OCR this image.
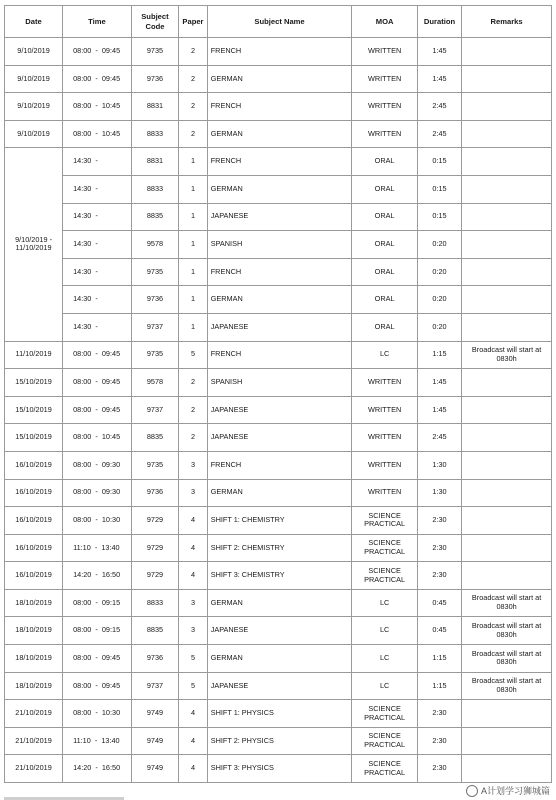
Date	Time	Subject Code	Paper	Subject Name	MOA	Duration	Remarks
9/10/2019	08:00  -  09:45	9735	2	FRENCH	WRITTEN	1:45	
9/10/2019	08:00  -  09:45	9736	2	GERMAN	WRITTEN	1:45	
9/10/2019	08:00  -  10:45	8831	2	FRENCH	WRITTEN	2:45	
9/10/2019	08:00  -  10:45	8833	2	GERMAN	WRITTEN	2:45	
9/10/2019 - 11/10/2019	14:30  -	8831	1	FRENCH	ORAL	0:15	
	14:30  -	8833	1	GERMAN	ORAL	0:15	
	14:30  -	8835	1	JAPANESE	ORAL	0:15	
	14:30  -	9578	1	SPANISH	ORAL	0:20	
	14:30  -	9735	1	FRENCH	ORAL	0:20	
	14:30  -	9736	1	GERMAN	ORAL	0:20	
	14:30  -	9737	1	JAPANESE	ORAL	0:20	
11/10/2019	08:00  -  09:45	9735	5	FRENCH	LC	1:15	Broadcast will start at 0830h
15/10/2019	08:00  -  09:45	9578	2	SPANISH	WRITTEN	1:45	
15/10/2019	08:00  -  09:45	9737	2	JAPANESE	WRITTEN	1:45	
15/10/2019	08:00  -  10:45	8835	2	JAPANESE	WRITTEN	2:45	
16/10/2019	08:00  -  09:30	9735	3	FRENCH	WRITTEN	1:30	
16/10/2019	08:00  -  09:30	9736	3	GERMAN	WRITTEN	1:30	
16/10/2019	08:00  -  10:30	9729	4	SHIFT 1: CHEMISTRY	SCIENCE PRACTICAL	2:30	
16/10/2019	11:10  -  13:40	9729	4	SHIFT 2: CHEMISTRY	SCIENCE PRACTICAL	2:30	
16/10/2019	14:20  -  16:50	9729	4	SHIFT 3: CHEMISTRY	SCIENCE PRACTICAL	2:30	
18/10/2019	08:00  -  09:15	8833	3	GERMAN	LC	0:45	Broadcast will start at 0830h
18/10/2019	08:00  -  09:15	8835	3	JAPANESE	LC	0:45	Broadcast will start at 0830h
18/10/2019	08:00  -  09:45	9736	5	GERMAN	LC	1:15	Broadcast will start at 0830h
18/10/2019	08:00  -  09:45	9737	5	JAPANESE	LC	1:15	Broadcast will start at 0830h
21/10/2019	08:00  -  10:30	9749	4	SHIFT 1: PHYSICS	SCIENCE PRACTICAL	2:30	
21/10/2019	11:10  -  13:40	9749	4	SHIFT 2: PHYSICS	SCIENCE PRACTICAL	2:30	
21/10/2019	14:20  -  16:50	9749	4	SHIFT 3: PHYSICS	SCIENCE PRACTICAL	2:30	
A计划学习狮城篇
